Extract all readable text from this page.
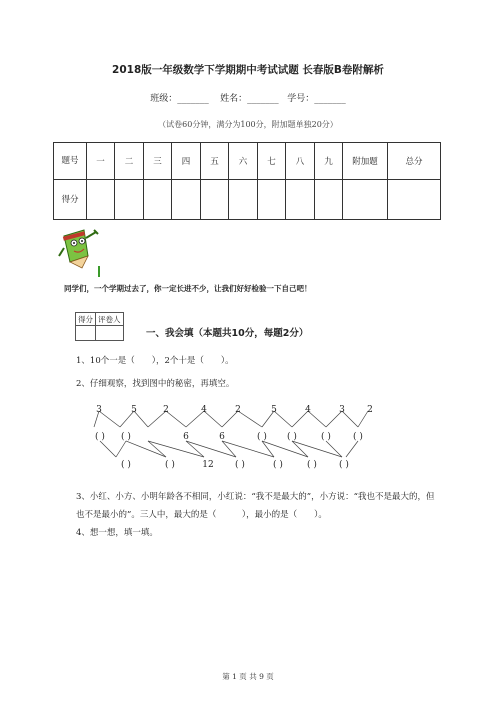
2018版一年级数学下学期期中考试试题 长春版B卷附解析
班级：_______    姓名：_______   学号：_______
（试卷60分钟，满分为100分，附加题单独20分）
题号	一	二	三	四	五	六	七	八	九	附加题	总分
得分											
同学们，一个学期过去了，你一定长进不少，让我们好好检验一下自己吧！
得分	评卷人

一、我会填（本题共10分，每题2分）
1、10个一是（　　），2个十是（　　）。
2、仔细观察，找到图中的秘密，再填空。
3	5	2	4	2	5	4	3 2
( ) ( )	6	6	( ) ( )	( ) ( )
( )	( )	12 ( )	( )	( ) ( )
3、小红、小方、小明年龄各不相同，小红说：“我不是最大的”，小方说：“我也不是最大的，但也不是最小的”。三人中，最大的是（　　　），最小的是（　　）。
4、想一想，填一填。
第 1 页 共 9 页
